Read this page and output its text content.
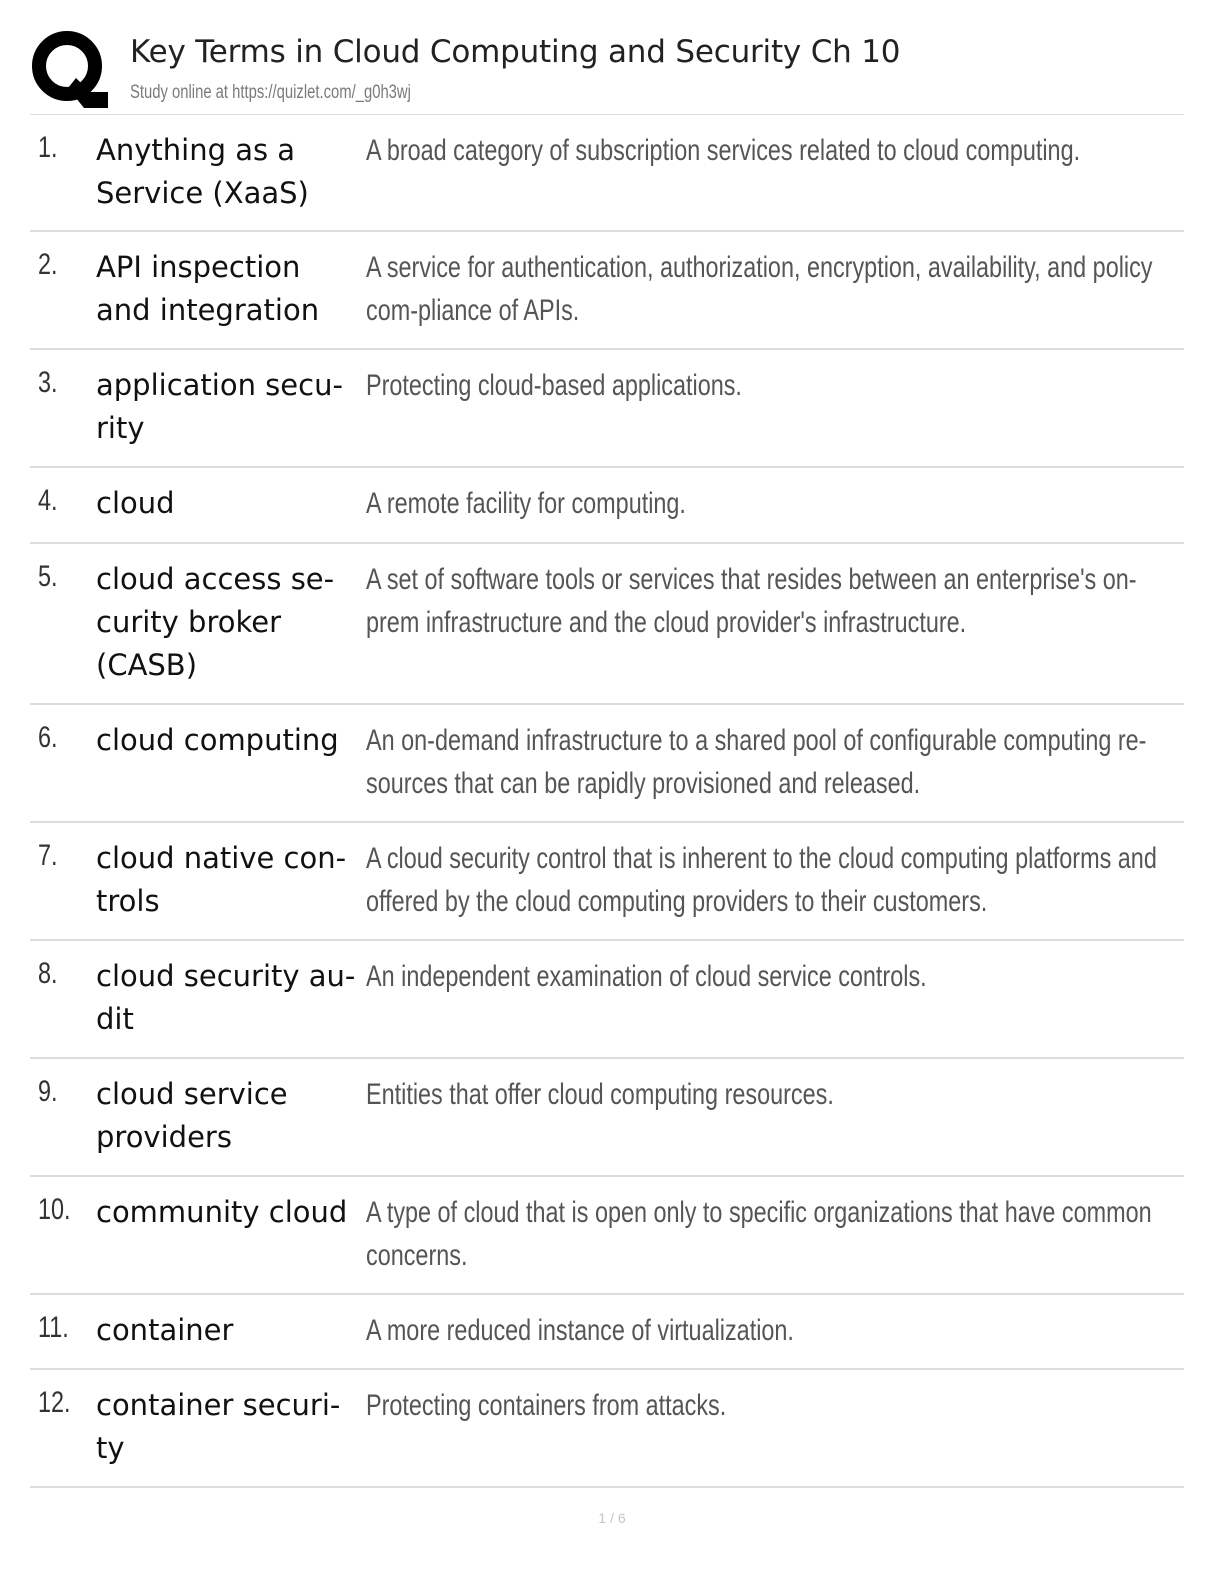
Key Terms in Cloud Computing and Security Ch 10
Study online at https://quizlet.com/_g0h3wj
1. Anything as a Service (XaaS)
A broad category of subscription services related to cloud computing.
2. API inspection and integration
A service for authentication, authorization, encryption, availability, and policy com-pliance of APIs.
3. application secu-rity
Protecting cloud-based applications.
4. cloud	A remote facility for computing.
5. cloud access se-curity broker (CASB)
A set of software tools or services that resides between an enterprise's on-prem infrastructure and the cloud provider's infrastructure.
6. cloud computing An on-demand infrastructure to a shared pool of configurable computing re-sources that can be rapidly provisioned and released.
7. cloud native con-trols
A cloud security control that is inherent to the cloud computing platforms and offered by the cloud computing providers to their customers.
8. cloud security au-dit
An independent examination of cloud service controls.
9. cloud service providers
Entities that offer cloud computing resources.
10. community cloud A type of cloud that is open only to specific organizations that have common concerns.
11. container	A more reduced instance of virtualization.
12. container securi-ty
Protecting containers from attacks.
1 / 6
